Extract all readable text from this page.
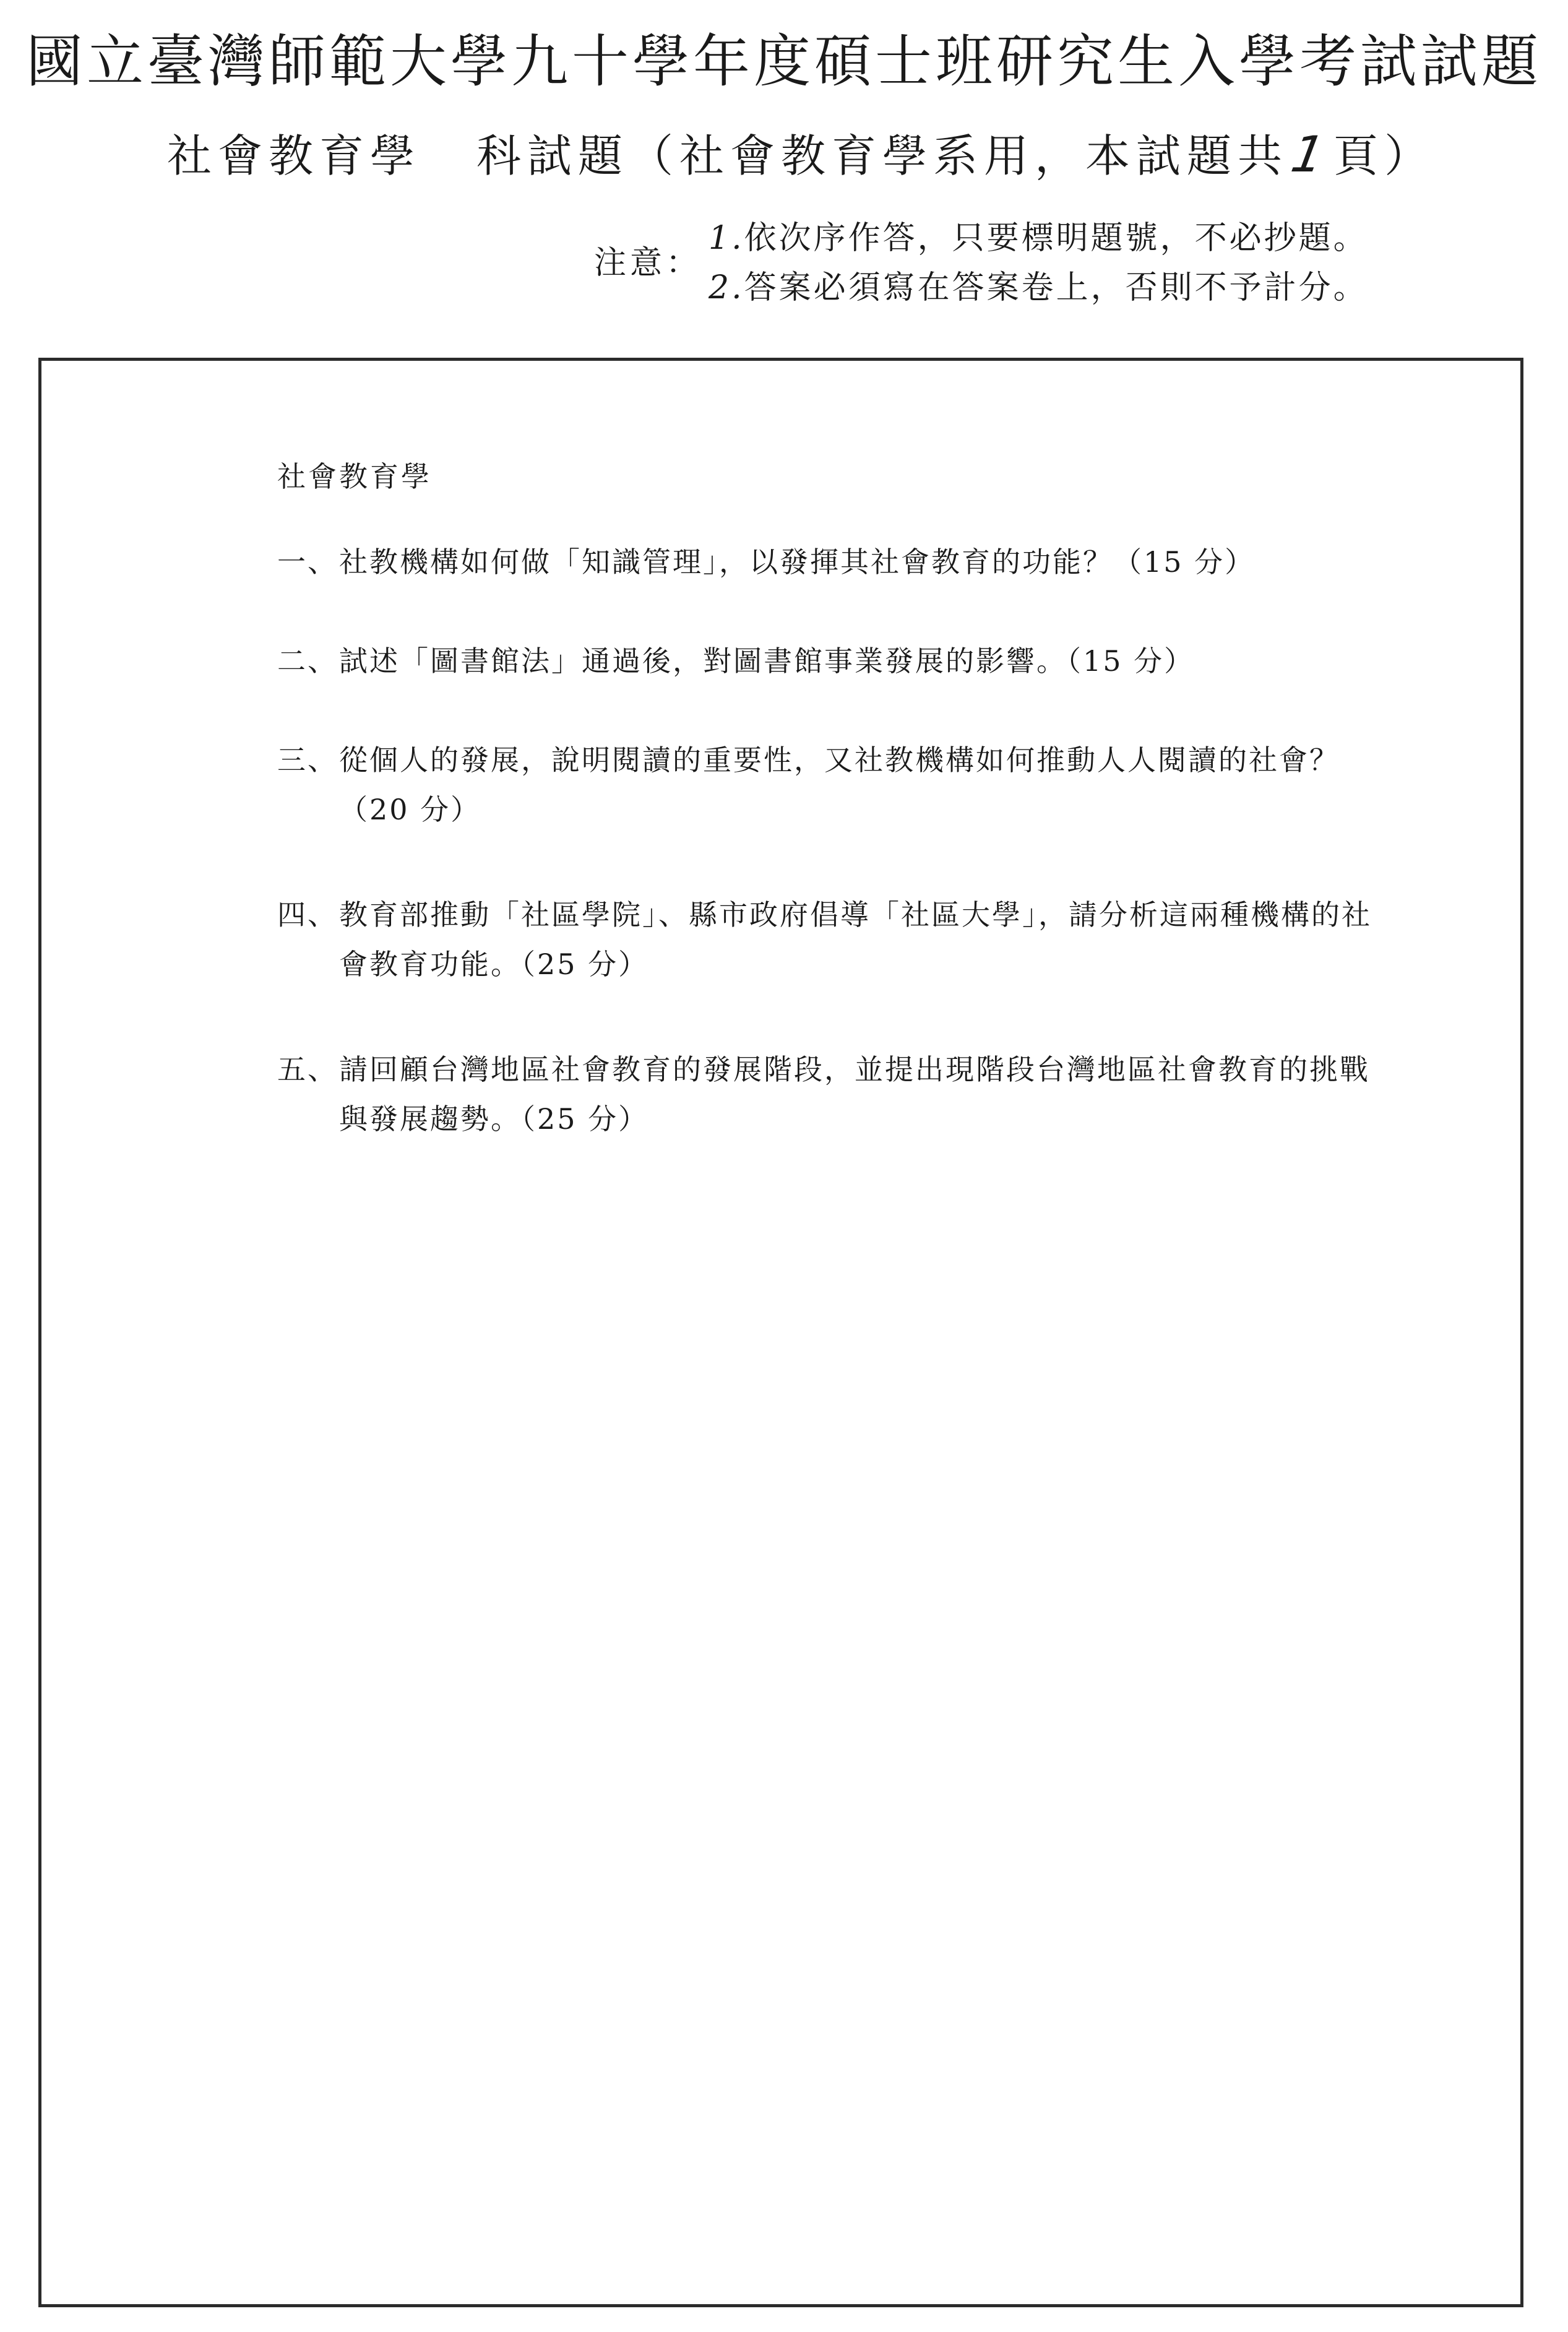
國立臺灣師範大學九十學年度碩士班研究生入學考試試題
社會教育學 科試題（社會教育學系用，本試題共1頁）
注意：
1.依次序作答，只要標明題號，不必抄題。
2.答案必須寫在答案卷上，否則不予計分。
社會教育學
一、 社教機構如何做「知識管理」，以發揮其社會教育的功能？（15 分）
二、 試述「圖書館法」通過後，對圖書館事業發展的影響。（15 分）
三、 從個人的發展，說明閱讀的重要性，又社教機構如何推動人人閱讀的社會？（20 分）
四、 教育部推動「社區學院」、縣市政府倡導「社區大學」，請分析這兩種機構的社會教育功能。（25 分）
五、 請回顧台灣地區社會教育的發展階段，並提出現階段台灣地區社會教育的挑戰與發展趨勢。（25 分）
